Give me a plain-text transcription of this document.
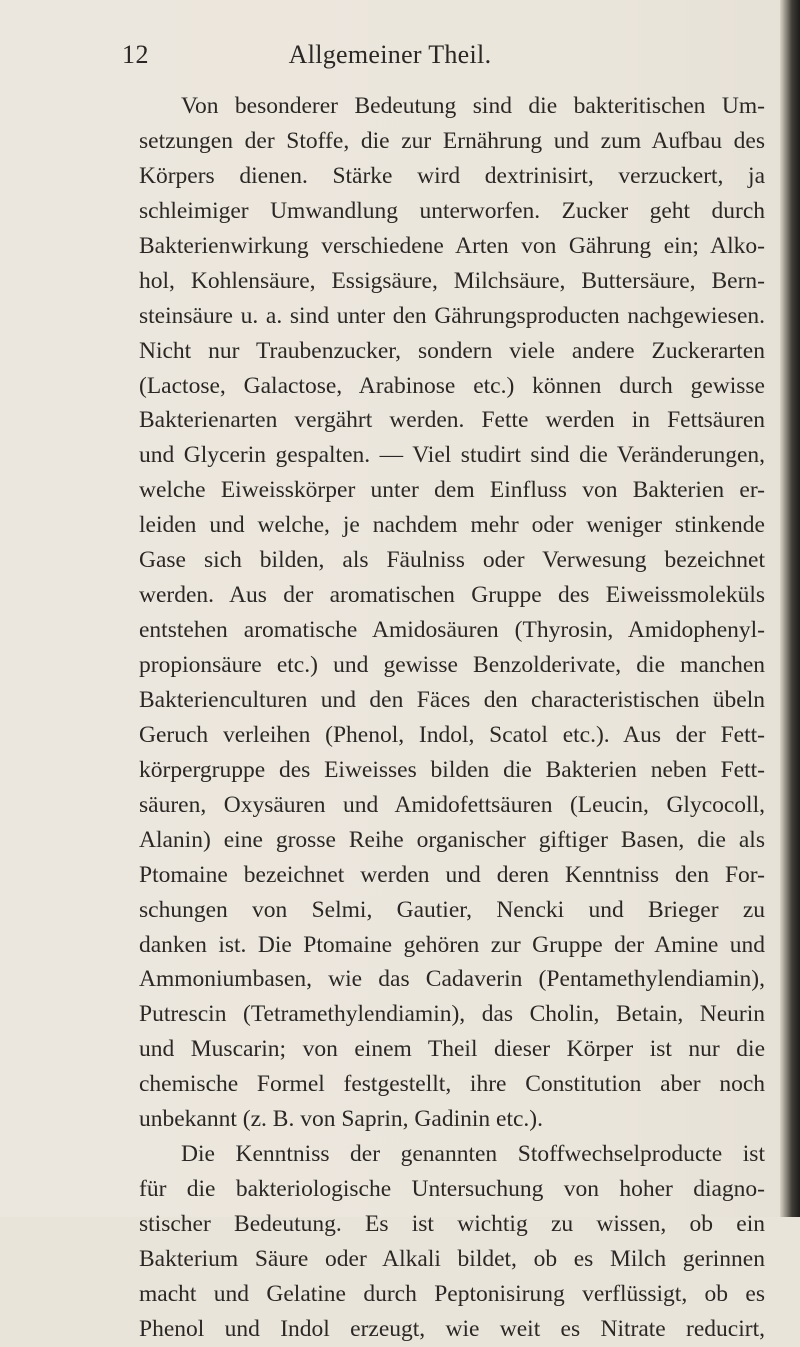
12	Allgemeiner Theil.
Von besonderer Bedeutung sind die bakteritischen Um-
setzungen der Stoffe, die zur Ernährung und zum Aufbau des
Körpers dienen. Stärke wird dextrinisirt, verzuckert, ja
schleimiger Umwandlung unterworfen. Zucker geht durch
Bakterienwirkung verschiedene Arten von Gährung ein; Alko-
hol, Kohlensäure, Essigsäure, Milchsäure, Buttersäure, Bern-
steinsäure u. a. sind unter den Gährungsproducten nachgewiesen.
Nicht nur Traubenzucker, sondern viele andere Zuckerarten
(Lactose, Galactose, Arabinose etc.) können durch gewisse
Bakterienarten vergährt werden. Fette werden in Fettsäuren
und Glycerin gespalten. — Viel studirt sind die Veränderungen,
welche Eiweisskörper unter dem Einfluss von Bakterien er-
leiden und welche, je nachdem mehr oder weniger stinkende
Gase sich bilden, als Fäulniss oder Verwesung bezeichnet
werden. Aus der aromatischen Gruppe des Eiweissmoleküls
entstehen aromatische Amidosäuren (Thyrosin, Amidophenyl-
propionsäure etc.) und gewisse Benzolderivate, die manchen
Bakterienculturen und den Fäces den characteristischen übeln
Geruch verleihen (Phenol, Indol, Scatol etc.). Aus der Fett-
körpergruppe des Eiweisses bilden die Bakterien neben Fett-
säuren, Oxysäuren und Amidofettsäuren (Leucin, Glycocoll,
Alanin) eine grosse Reihe organischer giftiger Basen, die als
Ptomaine bezeichnet werden und deren Kenntniss den For-
schungen von Selmi, Gautier, Nencki und Brieger zu
danken ist. Die Ptomaine gehören zur Gruppe der Amine und
Ammoniumbasen, wie das Cadaverin (Pentamethylendiamin),
Putrescin (Tetramethylendiamin), das Cholin, Betain, Neurin
und Muscarin; von einem Theil dieser Körper ist nur die
chemische Formel festgestellt, ihre Constitution aber noch
unbekannt (z. B. von Saprin, Gadinin etc.).
Die Kenntniss der genannten Stoffwechselproducte ist
für die bakteriologische Untersuchung von hoher diagno-
stischer Bedeutung. Es ist wichtig zu wissen, ob ein
Bakterium Säure oder Alkali bildet, ob es Milch gerinnen
macht und Gelatine durch Peptonisirung verflüssigt, ob es
Phenol und Indol erzeugt, wie weit es Nitrate reducirt,
